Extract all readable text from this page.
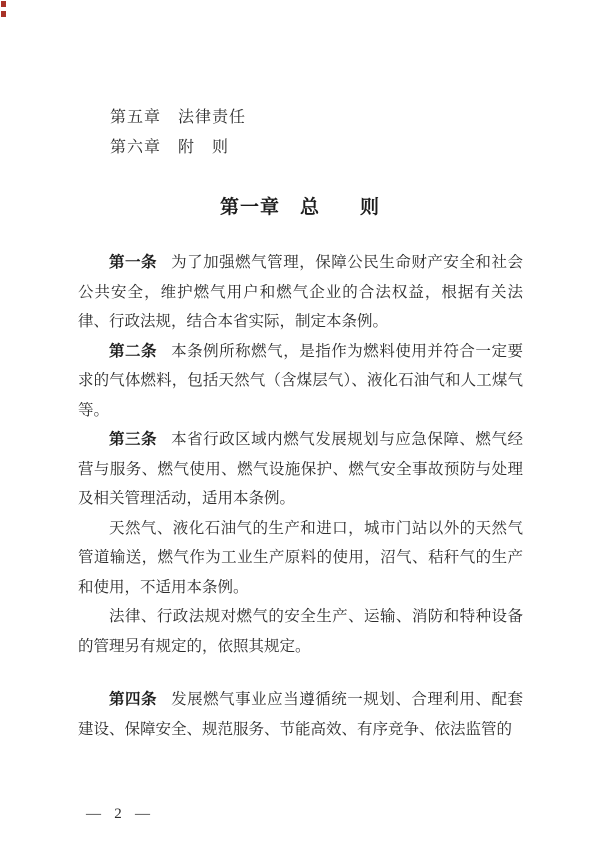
第五章　法律责任

第六章　附　则

第一章　总　　则

第一条 为了加强燃气管理，保障公民生命财产安全和社会公共安全，维护燃气用户和燃气企业的合法权益，根据有关法律、行政法规，结合本省实际，制定本条例。

第二条 本条例所称燃气，是指作为燃料使用并符合一定要求的气体燃料，包括天然气（含煤层气）、液化石油气和人工煤气等。

第三条 本省行政区域内燃气发展规划与应急保障、燃气经营与服务、燃气使用、燃气设施保护、燃气安全事故预防与处理及相关管理活动，适用本条例。

天然气、液化石油气的生产和进口，城市门站以外的天然气管道输送，燃气作为工业生产原料的使用，沼气、秸秆气的生产和使用，不适用本条例。

法律、行政法规对燃气的安全生产、运输、消防和特种设备的管理另有规定的，依照其规定。

第四条 发展燃气事业应当遵循统一规划、合理利用、配套建设、保障安全、规范服务、节能高效、有序竞争、依法监管的

— 2 —
